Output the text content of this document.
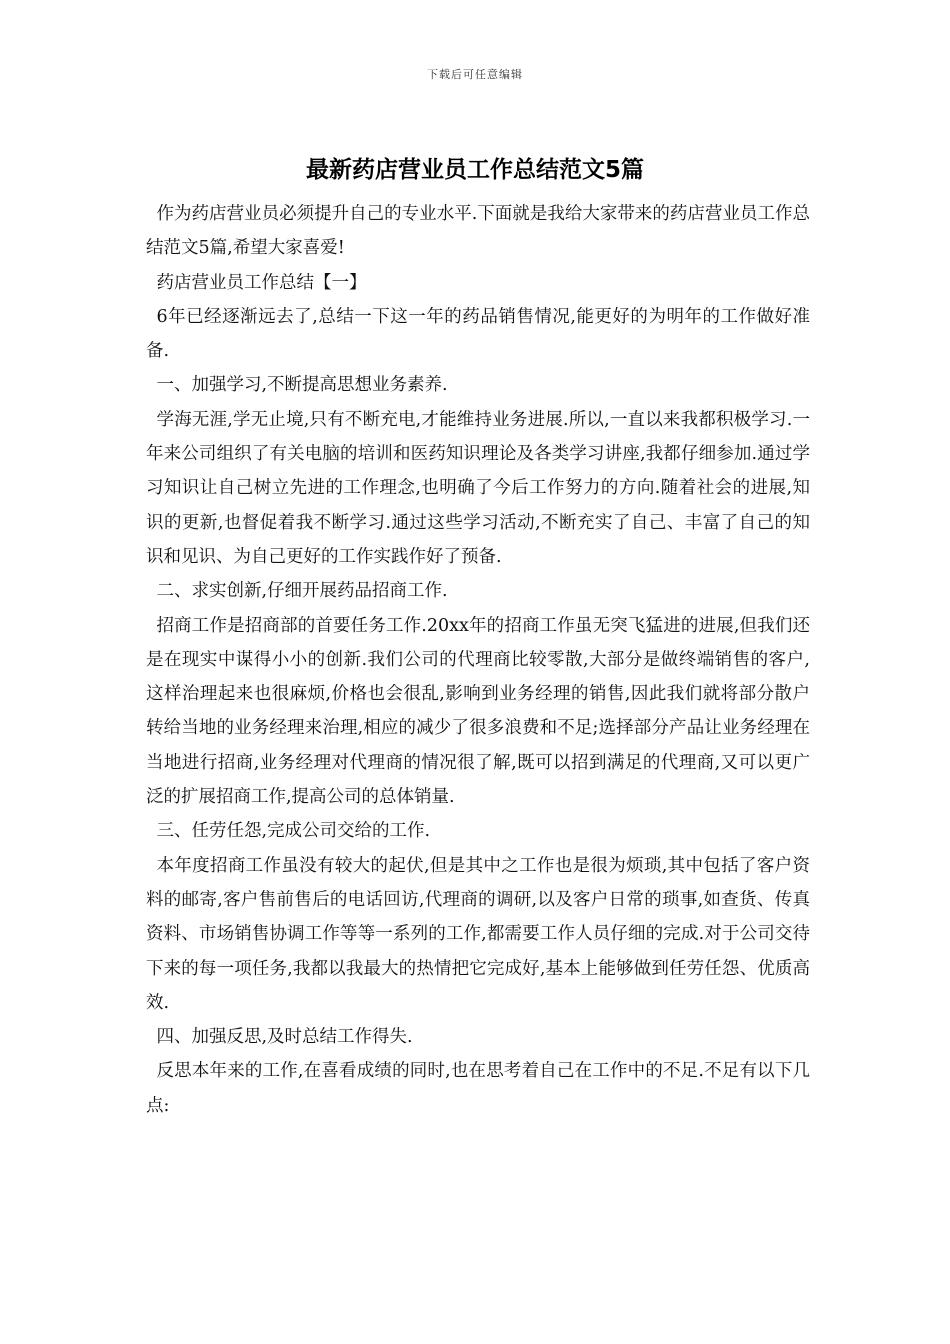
下载后可任意编辑
最新药店营业员工作总结范文5篇

作为药店营业员必须提升自己的专业水平.下面就是我给大家带来的药店营业员工作总结范文5篇,希望大家喜爱!

药店营业员工作总结【一】

6年已经逐渐远去了,总结一下这一年的药品销售情况,能更好的为明年的工作做好准备.

一、加强学习,不断提高思想业务素养.

学海无涯,学无止境,只有不断充电,才能维持业务进展.所以,一直以来我都积极学习.一年来公司组织了有关电脑的培训和医药知识理论及各类学习讲座,我都仔细参加.通过学习知识让自己树立先进的工作理念,也明确了今后工作努力的方向.随着社会的进展,知识的更新,也督促着我不断学习.通过这些学习活动,不断充实了自己、丰富了自己的知识和见识、为自己更好的工作实践作好了预备.

二、求实创新,仔细开展药品招商工作.

招商工作是招商部的首要任务工作.20xx年的招商工作虽无突飞猛进的进展,但我们还是在现实中谋得小小的创新.我们公司的代理商比较零散,大部分是做终端销售的客户,这样治理起来也很麻烦,价格也会很乱,影响到业务经理的销售,因此我们就将部分散户转给当地的业务经理来治理,相应的减少了很多浪费和不足;选择部分产品让业务经理在当地进行招商,业务经理对代理商的情况很了解,既可以招到满足的代理商,又可以更广泛的扩展招商工作,提高公司的总体销量.

三、任劳任怨,完成公司交给的工作.

本年度招商工作虽没有较大的起伏,但是其中之工作也是很为烦琐,其中包括了客户资料的邮寄,客户售前售后的电话回访,代理商的调研,以及客户日常的琐事,如查货、传真资料、市场销售协调工作等等一系列的工作,都需要工作人员仔细的完成.对于公司交待下来的每一项任务,我都以我最大的热情把它完成好,基本上能够做到任劳任怨、优质高效.

四、加强反思,及时总结工作得失.

反思本年来的工作,在喜看成绩的同时,也在思考着自己在工作中的不足.不足有以下几点:
